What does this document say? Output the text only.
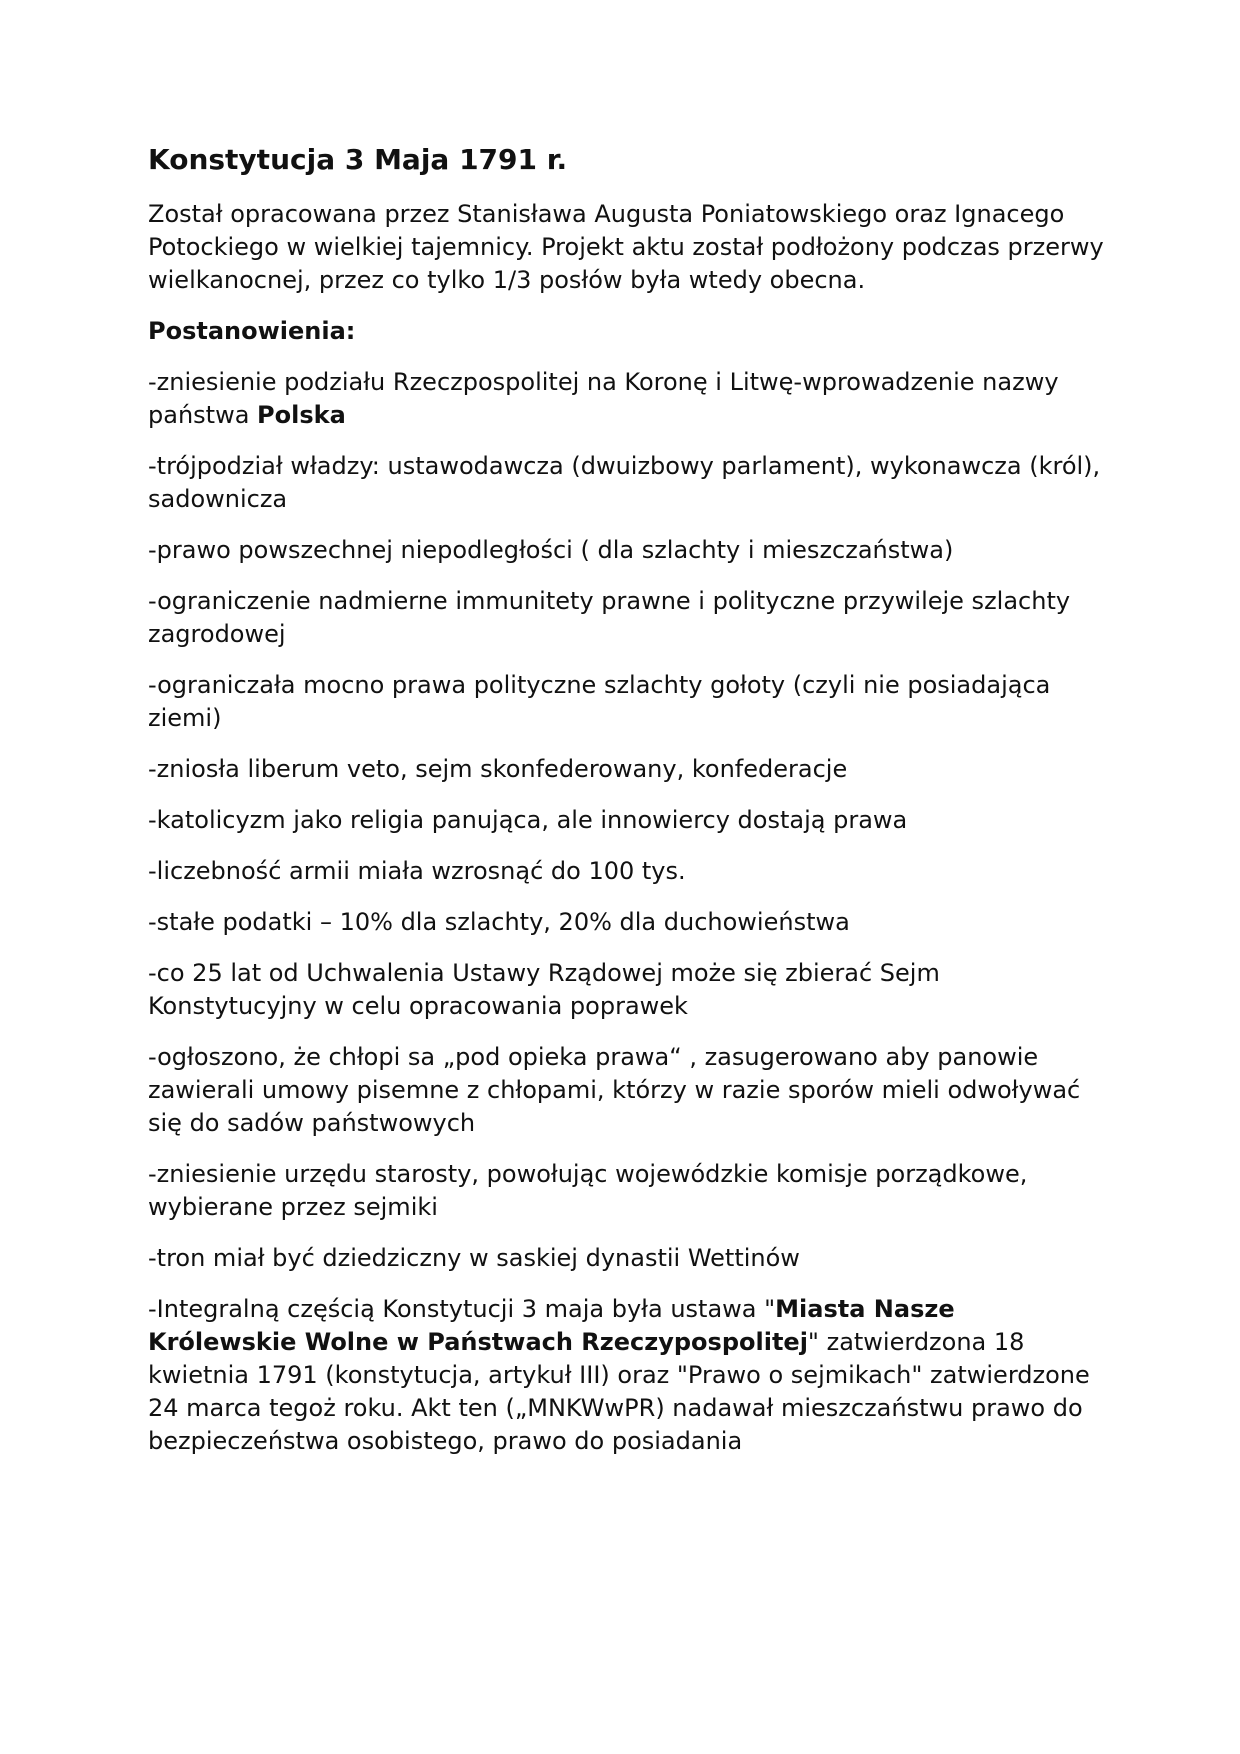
Konstytucja 3 Maja 1791 r.

Został opracowana przez Stanisława Augusta Poniatowskiego oraz Ignacego Potockiego w wielkiej tajemnicy. Projekt aktu został podłożony podczas przerwy wielkanocnej, przez co tylko 1/3 posłów była wtedy obecna.

Postanowienia:

-zniesienie podziału Rzeczpospolitej na Koronę i Litwę-wprowadzenie nazwy państwa Polska

-trójpodział władzy: ustawodawcza (dwuizbowy parlament), wykonawcza (król), sadownicza

-prawo powszechnej niepodległości ( dla szlachty i mieszczaństwa)

-ograniczenie nadmierne immunitety prawne i polityczne przywileje szlachty zagrodowej

-ograniczała mocno prawa polityczne szlachty gołoty (czyli nie posiadająca ziemi)

-zniosła liberum veto, sejm skonfederowany, konfederacje

-katolicyzm jako religia panująca, ale innowiercy dostają prawa

-liczebność armii miała wzrosnąć do 100 tys.

-stałe podatki – 10% dla szlachty, 20% dla duchowieństwa

-co 25 lat od Uchwalenia Ustawy Rządowej może się zbierać Sejm Konstytucyjny w celu opracowania poprawek

-ogłoszono, że chłopi sa „pod opieka prawa“ , zasugerowano aby panowie zawierali umowy pisemne z chłopami, którzy w razie sporów mieli odwoływać się do sadów państwowych

-zniesienie urzędu starosty, powołując wojewódzkie komisje porządkowe, wybierane przez sejmiki

-tron miał być dziedziczny w saskiej dynastii Wettinów

-Integralną częścią Konstytucji 3 maja była ustawa "Miasta Nasze Królewskie Wolne w Państwach Rzeczypospolitej" zatwierdzona 18 kwietnia 1791 (konstytucja, artykuł III) oraz "Prawo o sejmikach" zatwierdzone 24 marca tegoż roku. Akt ten („MNKWwPR) nadawał mieszczaństwu prawo do bezpieczeństwa osobistego, prawo do posiadania
